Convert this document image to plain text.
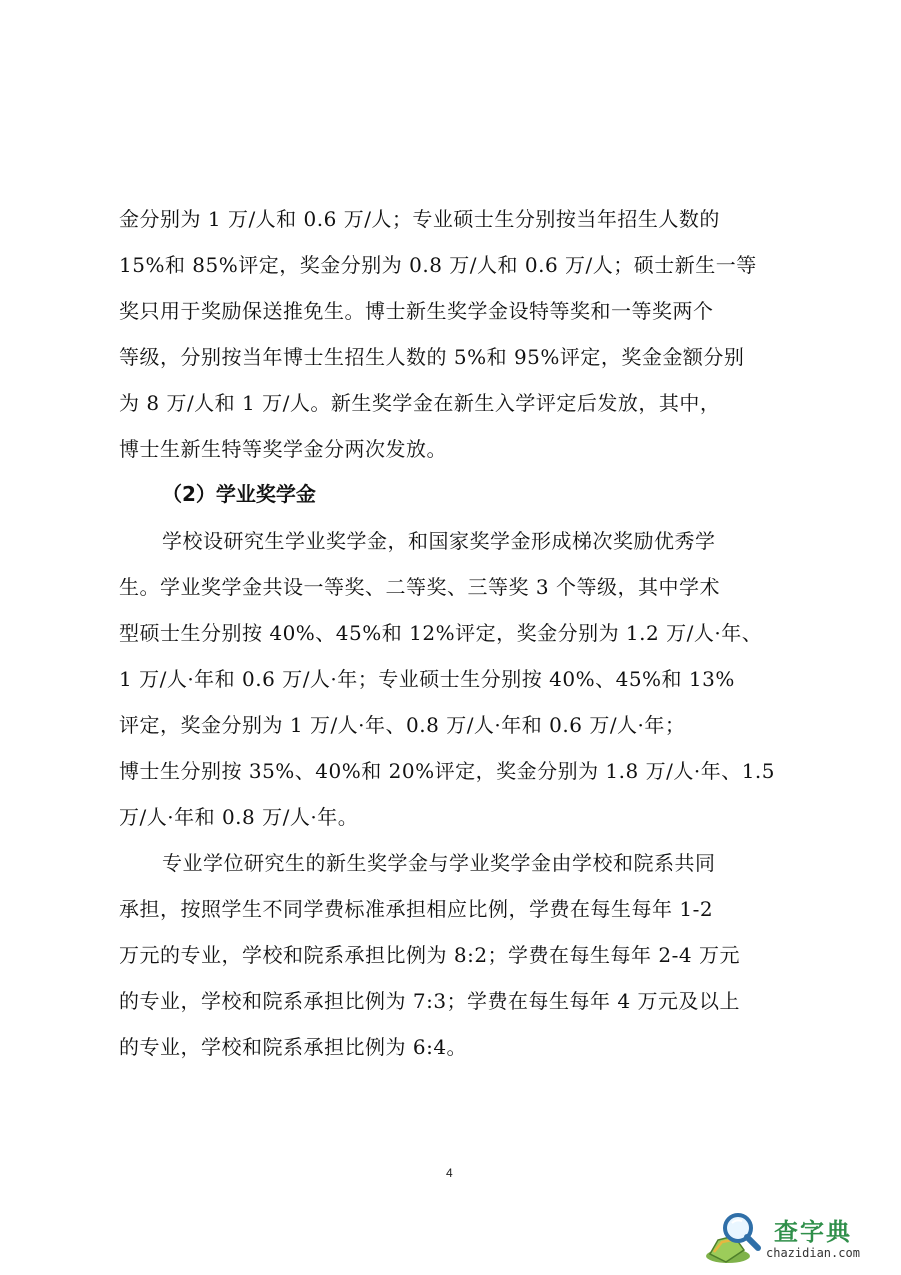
金分别为 1 万/人和 0.6 万/人；专业硕士生分别按当年招生人数的
15%和 85%评定，奖金分别为 0.8 万/人和 0.6 万/人；硕士新生一等
奖只用于奖励保送推免生。博士新生奖学金设特等奖和一等奖两个
等级，分别按当年博士生招生人数的 5%和 95%评定，奖金金额分别
为 8 万/人和 1 万/人。新生奖学金在新生入学评定后发放，其中，
博士生新生特等奖学金分两次发放。
（2）学业奖学金
学校设研究生学业奖学金，和国家奖学金形成梯次奖励优秀学
生。学业奖学金共设一等奖、二等奖、三等奖 3 个等级，其中学术
型硕士生分别按 40%、45%和 12%评定，奖金分别为 1.2 万/人·年、
1 万/人·年和 0.6 万/人·年；专业硕士生分别按 40%、45%和 13%
评定，奖金分别为 1 万/人·年、0.8 万/人·年和 0.6 万/人·年；
博士生分别按 35%、40%和 20%评定，奖金分别为 1.8 万/人·年、1.5
万/人·年和 0.8 万/人·年。
专业学位研究生的新生奖学金与学业奖学金由学校和院系共同
承担，按照学生不同学费标准承担相应比例，学费在每生每年 1-2
万元的专业，学校和院系承担比例为 8:2；学费在每生每年 2-4 万元
的专业，学校和院系承担比例为 7:3；学费在每生每年 4 万元及以上
的专业，学校和院系承担比例为 6:4。
4
查字典
chazidian.com
